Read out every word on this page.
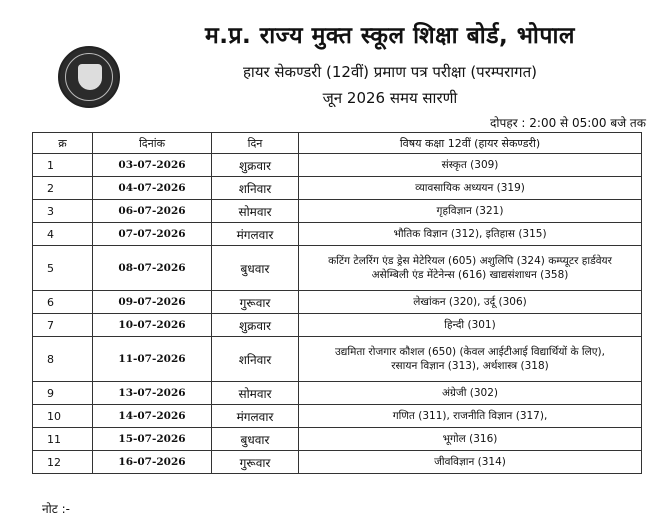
म.प्र. राज्य मुक्त स्कूल शिक्षा बोर्ड, भोपाल
हायर सेकण्डरी (12वीं) प्रमाण पत्र परीक्षा (परम्परागत)
जून 2026 समय सारणी
दोपहर : 2:00 से 05:00 बजे तक
क्र	दिनांक	दिन	विषय कक्षा 12वीं (हायर सेकण्डरी)
1	03-07-2026	शुक्रवार	संस्कृत (309)
2	04-07-2026	शनिवार	व्यावसायिक अध्ययन (319)
3	06-07-2026	सोमवार	गृहविज्ञान (321)
4	07-07-2026	मंगलवार	भौतिक विज्ञान (312), इतिहास (315)
5	08-07-2026	बुधवार	कटिंग टेलरिंग एंड ड्रेस मेटेरियल (605) अशुलिपि (324) कम्प्यूटर हार्डवेयर
असेम्बिली एंड मेंटेनेन्स (616) खाद्यसंशाधन (358)

6	09-07-2026	गुरूवार	लेखांकन (320), उर्दू (306)
7	10-07-2026	शुक्रवार	हिन्दी (301)
8	11-07-2026	शनिवार	उद्यमिता रोजगार कौशल (650) (केवल आईटीआई विद्यार्थियों के लिए),
रसायन विज्ञान (313), अर्थशास्त्र (318)

9	13-07-2026	सोमवार	अंग्रेजी (302)
10	14-07-2026	मंगलवार	गणित (311), राजनीति विज्ञान (317),
11	15-07-2026	बुधवार	भूगोल (316)
12	16-07-2026	गुरूवार	जीवविज्ञान (314)
नोट :-
